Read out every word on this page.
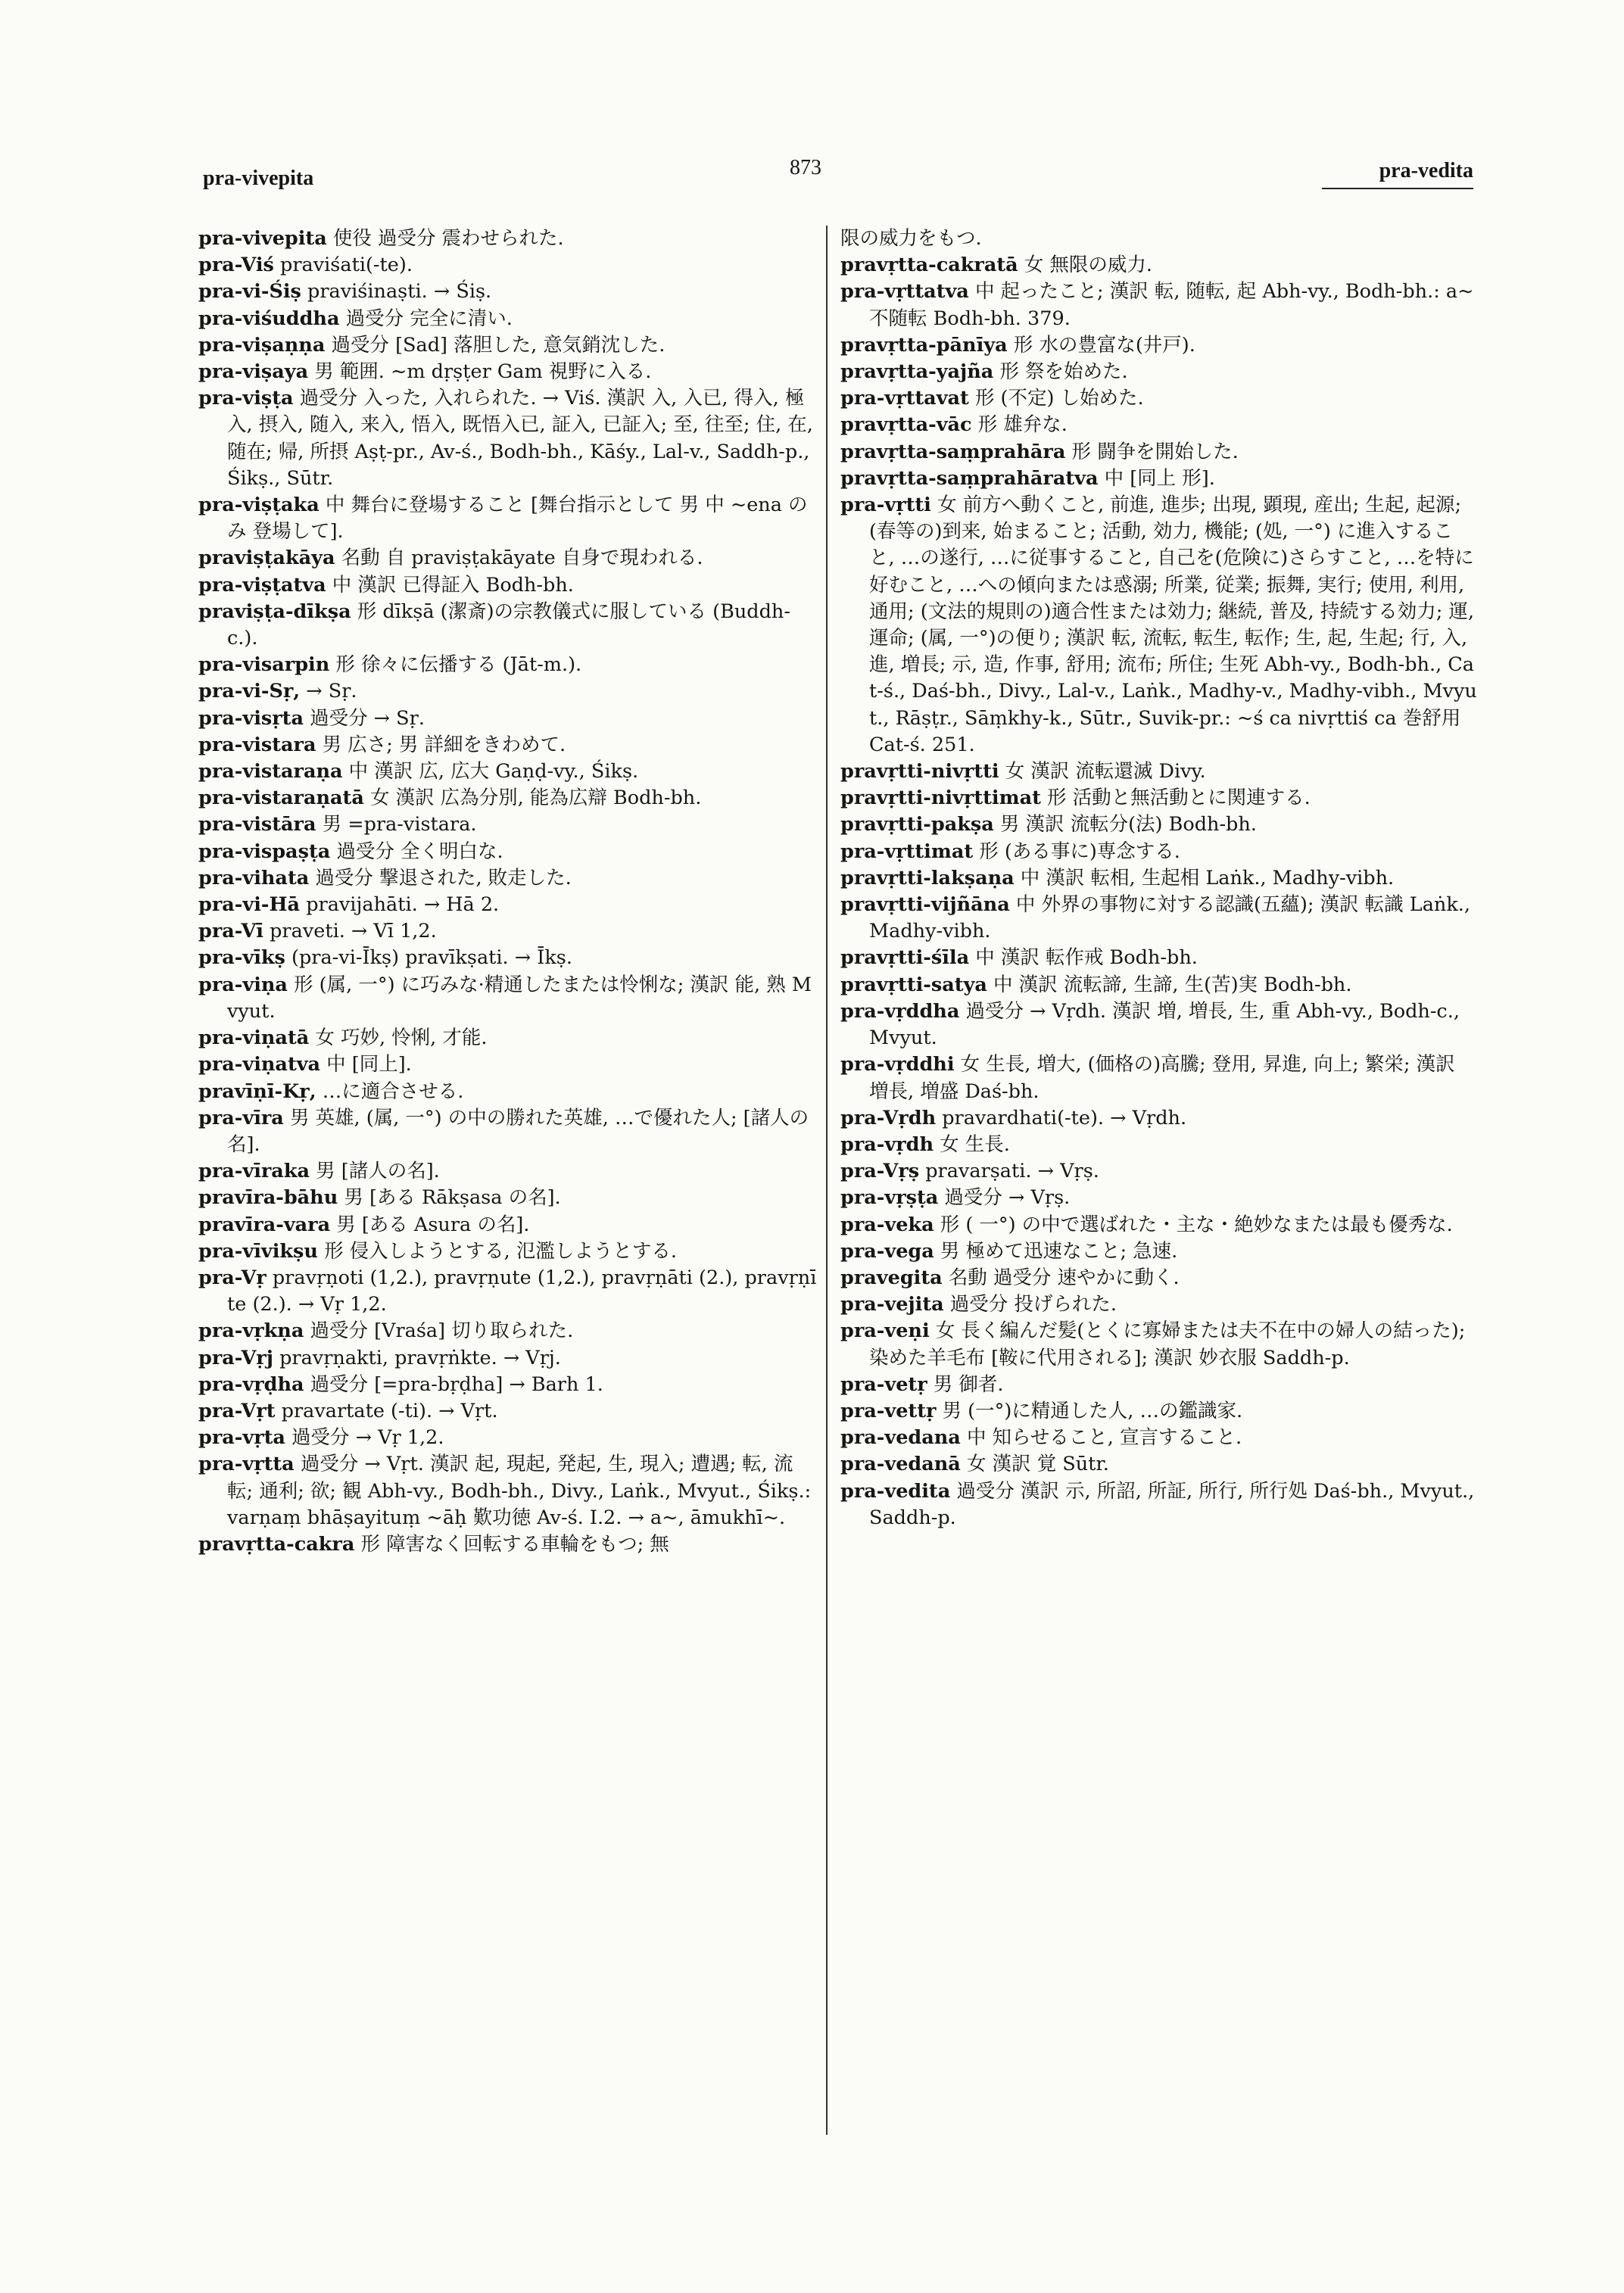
pra-vivepita	873	pra-vedita
pra-vivepita 使役 過受分 震わせられた.
pra-Viś praviśati(-te).
pra-vi-Śiṣ praviśinaṣti. → Śiṣ.
pra-viśuddha 過受分 完全に清い.
pra-viṣaṇṇa 過受分 [Sad] 落胆した, 意気銷沈した.
pra-viṣaya 男 範囲. ~m dṛṣṭer Gam 視野に入る.
pra-viṣṭa 過受分 入った, 入れられた. → Viś. 漢訳 入, 入已, 得入, 極入, 摂入, 随入, 来入, 悟入, 既悟入已, 証入, 已証入; 至, 往至; 住, 在, 随在; 帰, 所摂 Aṣṭ-pr., Av-ś., Bodh-bh., Kāśy., Lal-v., Saddh-p., Śikṣ., Sūtr.
pra-viṣṭaka 中 舞台に登場すること [舞台指示として 男 中 ~ena のみ 登場して].
praviṣṭakāya 名動 自 praviṣṭakāyate 自身で現われる.
pra-viṣṭatva 中 漢訳 已得証入 Bodh-bh.
praviṣṭa-dīkṣa 形 dīkṣā (潔斎)の宗教儀式に服している (Buddh-c.).
pra-visarpin 形 徐々に伝播する (Jāt-m.).
pra-vi-Sṛ, → Sṛ.
pra-visṛta 過受分 → Sṛ.
pra-vistara 男 広さ; 男 詳細をきわめて.
pra-vistaraṇa 中 漢訳 広, 広大 Gaṇḍ-vy., Śikṣ.
pra-vistaraṇatā 女 漢訳 広為分別, 能為広辯 Bodh-bh.
pra-vistāra 男 =pra-vistara.
pra-vispaṣṭa 過受分 全く明白な.
pra-vihata 過受分 撃退された, 敗走した.
pra-vi-Hā pravijahāti. → Hā 2.
pra-Vī praveti. → Vī 1,2.
pra-vīkṣ (pra-vi-Īkṣ) pravīkṣati. → Īkṣ.
pra-viṇa 形 (属, 一°) に巧みな·精通したまたは怜悧な; 漢訳 能, 熟 Mvyut.
pra-viṇatā 女 巧妙, 怜悧, 才能.
pra-viṇatva 中 [同上].
pravīṇī-Kṛ, …に適合させる.
pra-vīra 男 英雄, (属, 一°) の中の勝れた英雄, …で優れた人; [諸人の名].
pra-vīraka 男 [諸人の名].
pravīra-bāhu 男 [ある Rākṣasa の名].
pravīra-vara 男 [ある Asura の名].
pra-vīvikṣu 形 侵入しようとする, 氾濫しようとする.
pra-Vṛ pravṛṇoti (1,2.), pravṛṇute (1,2.), pravṛṇāti (2.), pravṛṇīte (2.). → Vṛ 1,2.
pra-vṛkṇa 過受分 [Vraśa] 切り取られた.
pra-Vṛj pravṛṇakti, pravṛṅkte. → Vṛj.
pra-vṛḍha 過受分 [=pra-bṛḍha] → Barh 1.
pra-Vṛt pravartate (-ti). → Vṛt.
pra-vṛta 過受分 → Vṛ 1,2.
pra-vṛtta 過受分 → Vṛt. 漢訳 起, 現起, 発起, 生, 現入; 遭遇; 転, 流転; 通利; 欲; 観 Abh-vy., Bodh-bh., Divy., Laṅk., Mvyut., Śikṣ.: varṇaṃ bhāṣayituṃ ~āḥ 歎功徳 Av-ś. I.2. → a~, āmukhī~.
pravṛtta-cakra 形 障害なく回転する車輪をもつ; 無
限の威力をもつ.
pravṛtta-cakratā 女 無限の威力.
pra-vṛttatva 中 起ったこと; 漢訳 転, 随転, 起 Abh-vy., Bodh-bh.: a~ 不随転 Bodh-bh. 379.
pravṛtta-pānīya 形 水の豊富な(井戸).
pravṛtta-yajña 形 祭を始めた.
pra-vṛttavat 形 (不定) し始めた.
pravṛtta-vāc 形 雄弁な.
pravṛtta-saṃprahāra 形 闘争を開始した.
pravṛtta-saṃprahāratva 中 [同上 形].
pra-vṛtti 女 前方へ動くこと, 前進, 進歩; 出現, 顕現, 産出; 生起, 起源; (春等の)到来, 始まること; 活動, 効力, 機能; (処, 一°) に進入すること, …の遂行, …に従事すること, 自己を(危険に)さらすこと, …を特に好むこと, …への傾向または惑溺; 所業, 従業; 振舞, 実行; 使用, 利用, 通用; (文法的規則の)適合性または効力; 継続, 普及, 持続する効力; 運, 運命; (属, 一°)の便り; 漢訳 転, 流転, 転生, 転作; 生, 起, 生起; 行, 入, 進, 増長; 示, 造, 作事, 舒用; 流布; 所住; 生死 Abh-vy., Bodh-bh., Cat-ś., Daś-bh., Divy., Lal-v., Laṅk., Madhy-v., Madhy-vibh., Mvyut., Rāṣṭr., Sāṃkhy-k., Sūtr., Suvik-pr.: ~ś ca nivṛttiś ca 巻舒用 Cat-ś. 251.
pravṛtti-nivṛtti 女 漢訳 流転還滅 Divy.
pravṛtti-nivṛttimat 形 活動と無活動とに関連する.
pravṛtti-pakṣa 男 漢訳 流転分(法) Bodh-bh.
pra-vṛttimat 形 (ある事に)専念する.
pravṛtti-lakṣaṇa 中 漢訳 転相, 生起相 Laṅk., Madhy-vibh.
pravṛtti-vijñāna 中 外界の事物に対する認識(五蘊); 漢訳 転識 Laṅk., Madhy-vibh.
pravṛtti-śīla 中 漢訳 転作戒 Bodh-bh.
pravṛtti-satya 中 漢訳 流転諦, 生諦, 生(苦)実 Bodh-bh.
pra-vṛddha 過受分 → Vṛdh. 漢訳 増, 増長, 生, 重 Abh-vy., Bodh-c., Mvyut.
pra-vṛddhi 女 生長, 増大, (価格の)高騰; 登用, 昇進, 向上; 繁栄; 漢訳 増長, 増盛 Daś-bh.
pra-Vṛdh pravardhati(-te). → Vṛdh.
pra-vṛdh 女 生長.
pra-Vṛṣ pravarṣati. → Vṛṣ.
pra-vṛṣṭa 過受分 → Vṛṣ.
pra-veka 形 ( 一°) の中で選ばれた・主な・絶妙なまたは最も優秀な.
pra-vega 男 極めて迅速なこと; 急速.
pravegita 名動 過受分 速やかに動く.
pra-vejita 過受分 投げられた.
pra-veṇi 女 長く編んだ髪(とくに寡婦または夫不在中の婦人の結った); 染めた羊毛布 [鞍に代用される]; 漢訳 妙衣服 Saddh-p.
pra-vetṛ 男 御者.
pra-vettṛ 男 (一°)に精通した人, …の鑑識家.
pra-vedana 中 知らせること, 宣言すること.
pra-vedanā 女 漢訳 覚 Sūtr.
pra-vedita 過受分 漢訳 示, 所詔, 所証, 所行, 所行処 Daś-bh., Mvyut., Saddh-p.
